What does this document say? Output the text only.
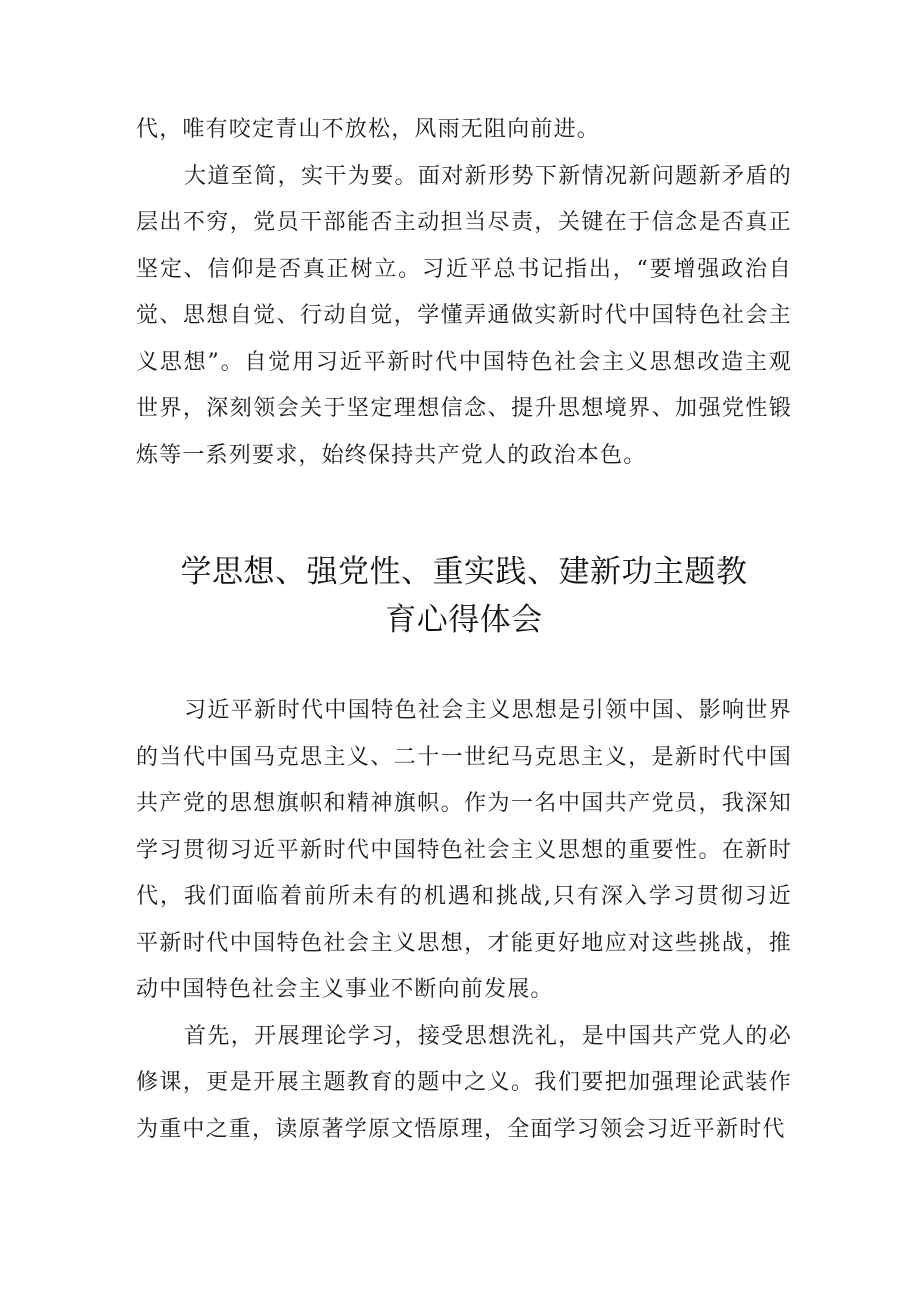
代，唯有咬定青山不放松，风雨无阻向前进。

大道至简，实干为要。面对新形势下新情况新问题新矛盾的层出不穷，党员干部能否主动担当尽责，关键在于信念是否真正坚定、信仰是否真正树立。习近平总书记指出，“要增强政治自觉、思想自觉、行动自觉，学懂弄通做实新时代中国特色社会主义思想”。自觉用习近平新时代中国特色社会主义思想改造主观世界，深刻领会关于坚定理想信念、提升思想境界、加强党性锻炼等一系列要求，始终保持共产党人的政治本色。

学思想、强党性、重实践、建新功主题教
育心得体会

习近平新时代中国特色社会主义思想是引领中国、影响世界的当代中国马克思主义、二十一世纪马克思主义，是新时代中国共产党的思想旗帜和精神旗帜。作为一名中国共产党员，我深知学习贯彻习近平新时代中国特色社会主义思想的重要性。在新时代，我们面临着前所未有的机遇和挑战,只有深入学习贯彻习近平新时代中国特色社会主义思想，才能更好地应对这些挑战，推动中国特色社会主义事业不断向前发展。

首先，开展理论学习，接受思想洗礼，是中国共产党人的必修课，更是开展主题教育的题中之义。我们要把加强理论武装作为重中之重，读原著学原文悟原理，全面学习领会习近平新时代
